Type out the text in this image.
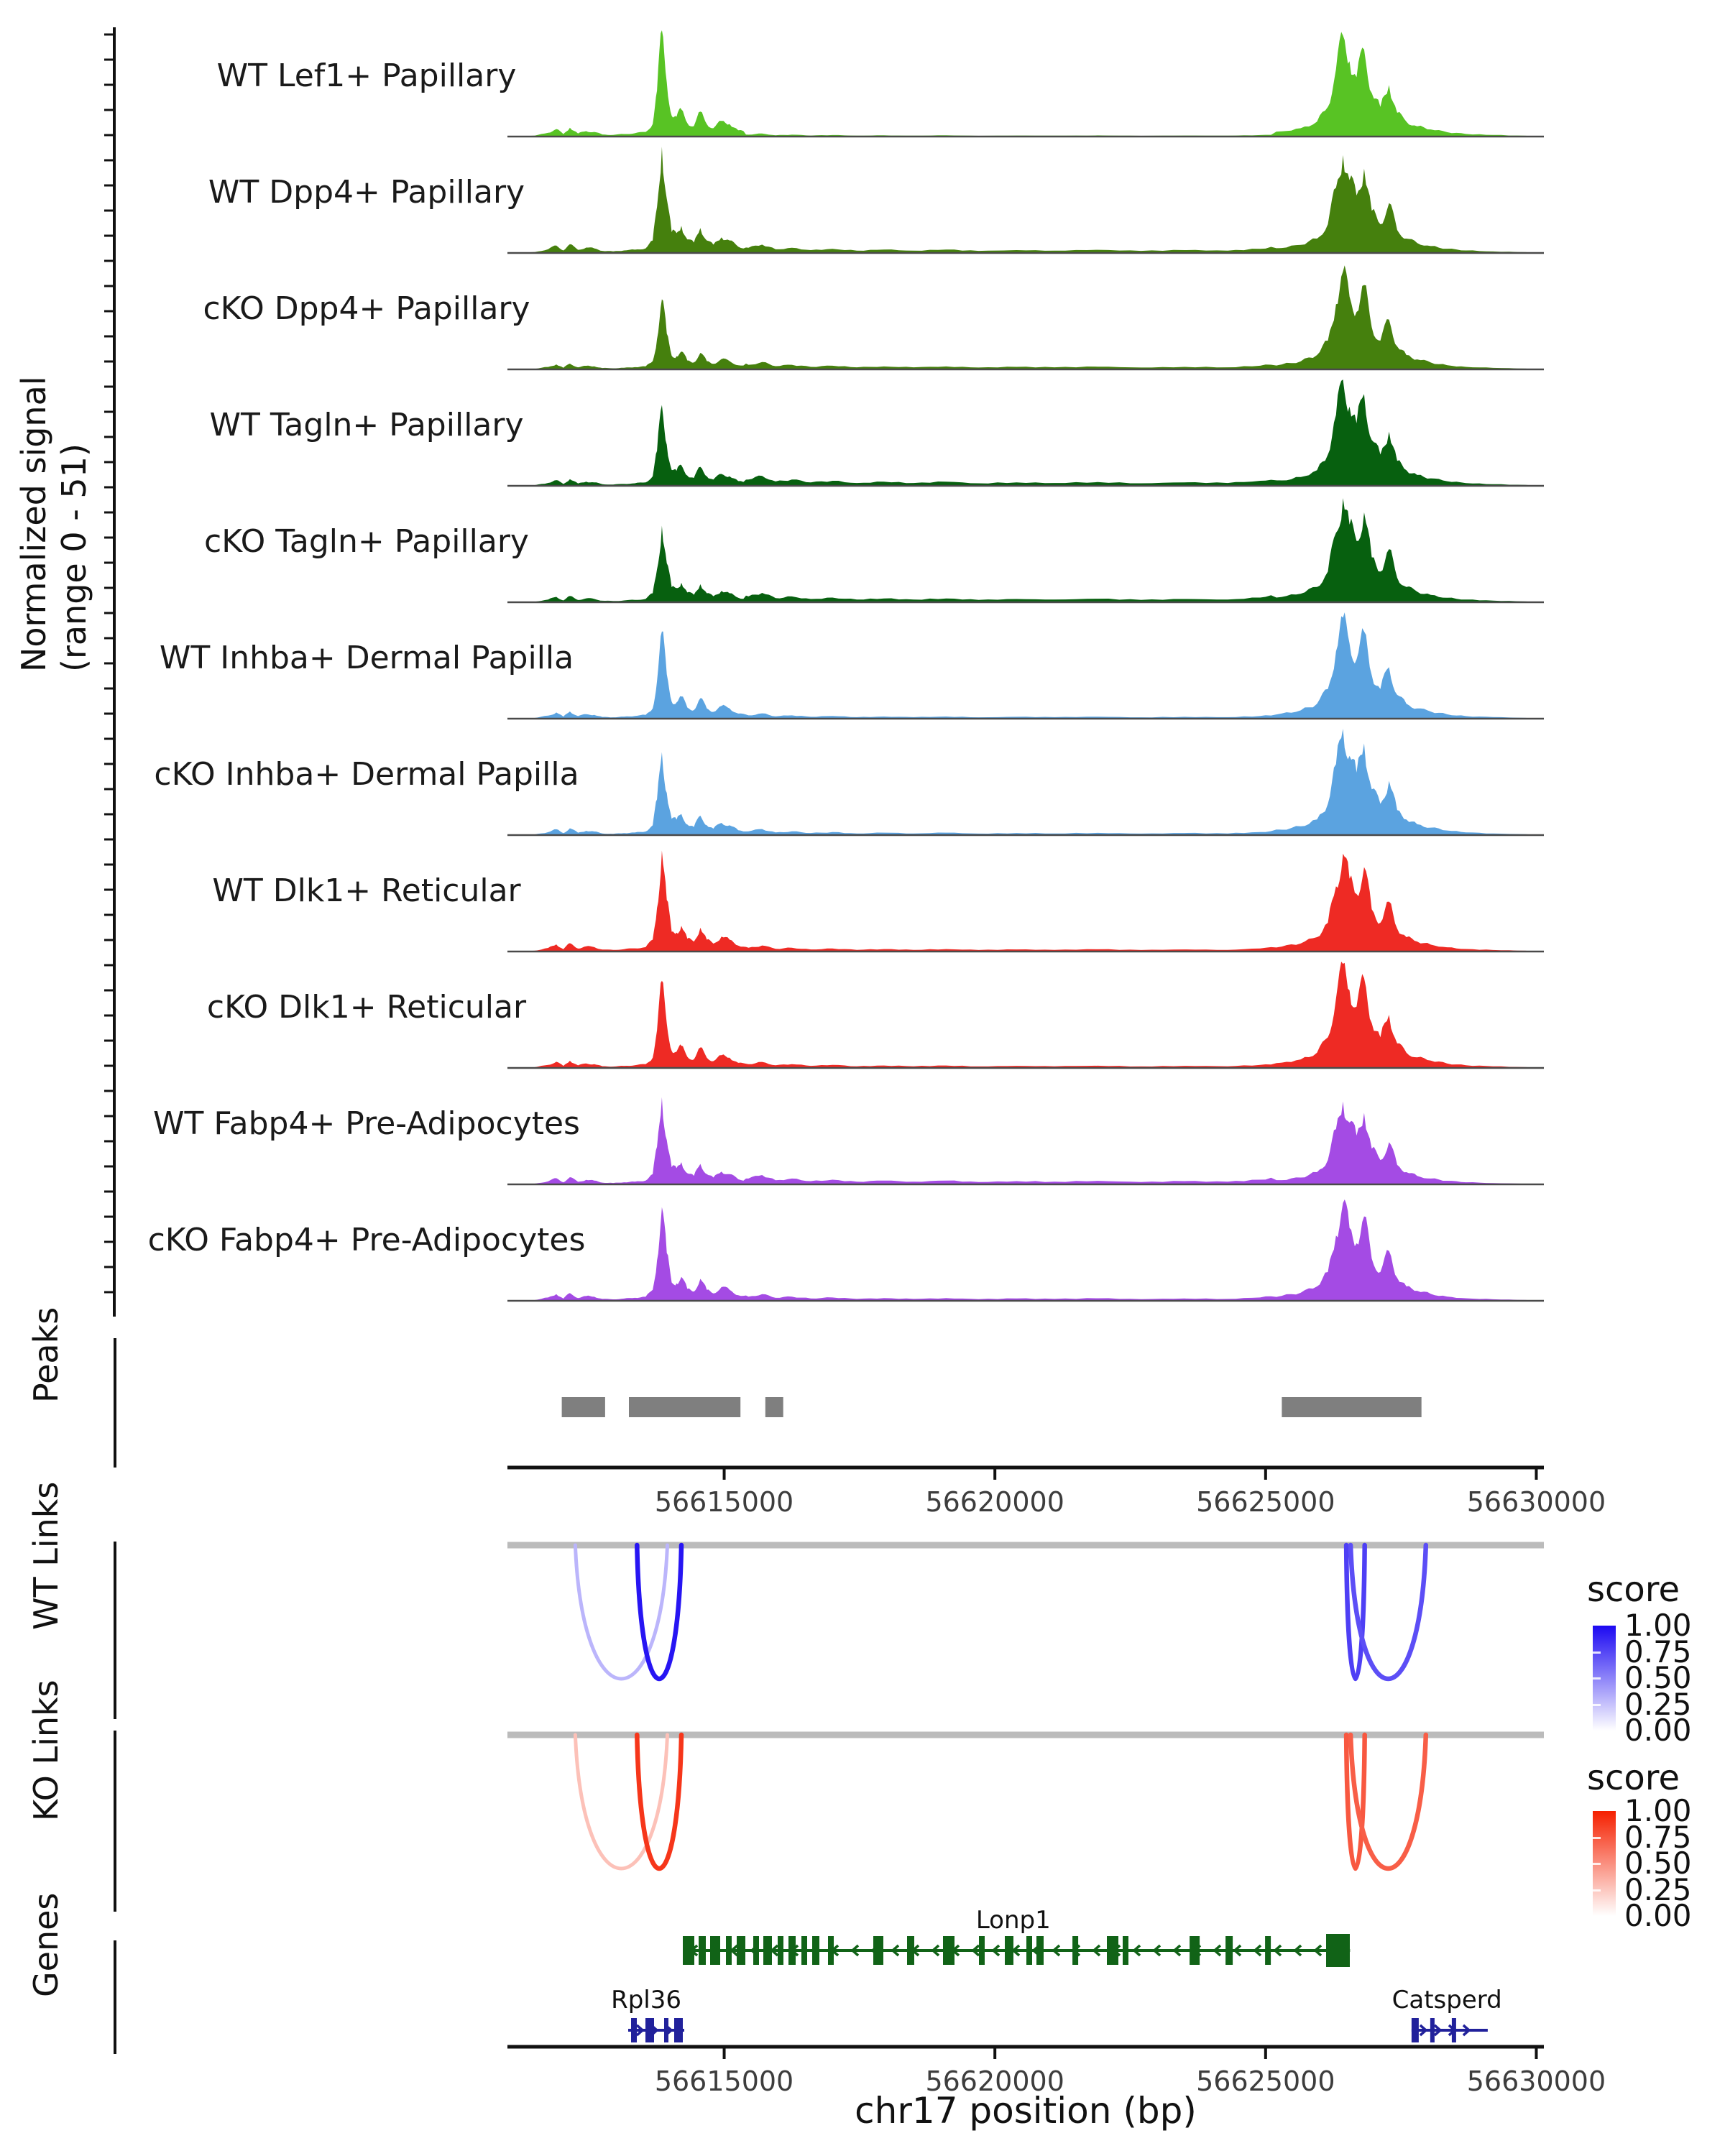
Normalized signal (range 0 - 51)
Peaks
WT Links
KO Links
Genes
score
score
chr17 position (bp)
WT Lef1+ Papillary
WT Dpp4+ Papillary
cKO Dpp4+ Papillary
WT Tagln+ Papillary
cKO Tagln+ Papillary
WT Inhba+ Dermal Papilla
cKO Inhba+ Dermal Papilla
WT Dlk1+ Reticular
cKO Dlk1+ Reticular
WT Fabp4+ Pre-Adipocytes
cKO Fabp4+ Pre-Adipocytes
56615000	56620000	56625000	56630000
56615000	56620000	56625000	56630000
1.00
0.75
0.50
0.25
0.00
1.00
0.75
0.50
0.25
0.00
Lonp1
Rpl36	Catsperd
